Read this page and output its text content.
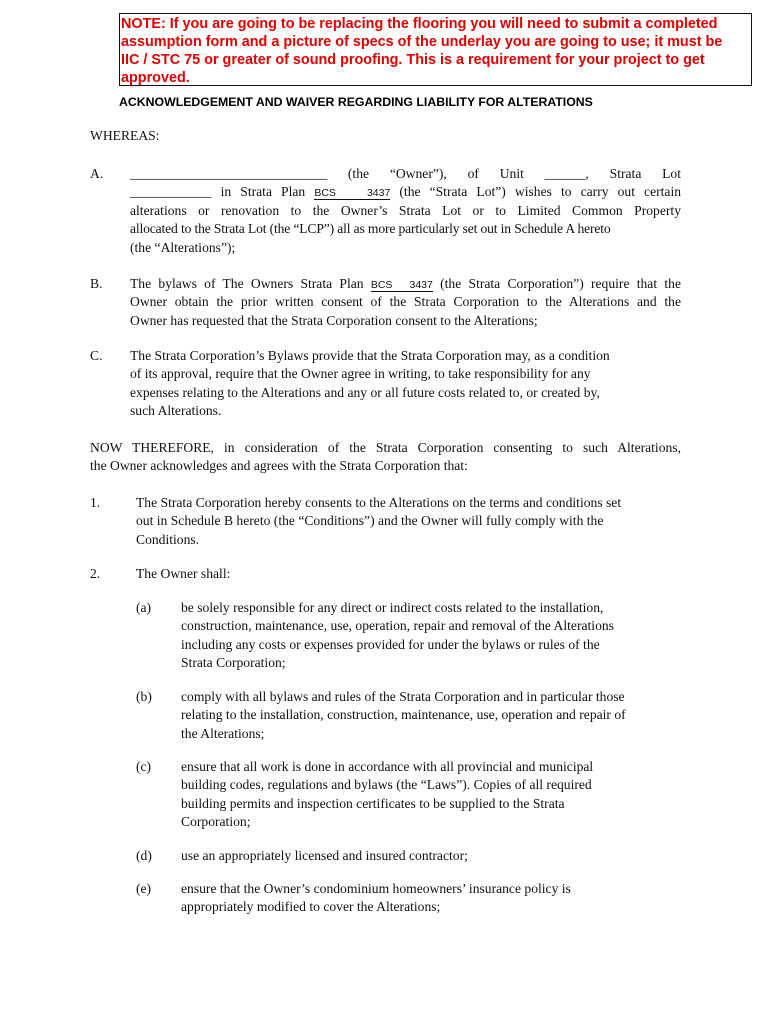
NOTE: If you are going to be replacing the flooring you will need to submit a completed
assumption form and a picture of specs of the underlay you are going to use; it must be
IIC / STC 75 or greater of sound proofing. This is a requirement for your project to get
approved.
ACKNOWLEDGEMENT AND WAIVER REGARDING LIABILITY FOR ALTERATIONS
WHEREAS:
A. _____________________________ (the “Owner”), of Unit ______, Strata Lot
____________ in Strata Plan BCS 3437 (the “Strata Lot”) wishes to carry out certain
alterations or renovation to the Owner’s Strata Lot or to Limited Common Property
allocated to the Strata Lot (the “LCP”) all as more particularly set out in Schedule A hereto
(the “Alterations”);
B. The bylaws of The Owners Strata Plan BCS 3437 (the Strata Corporation”) require that the
Owner obtain the prior written consent of the Strata Corporation to the Alterations and the
Owner has requested that the Strata Corporation consent to the Alterations;
C. The Strata Corporation’s Bylaws provide that the Strata Corporation may, as a condition
of its approval, require that the Owner agree in writing, to take responsibility for any
expenses relating to the Alterations and any or all future costs related to, or created by,
such Alterations.
NOW THEREFORE, in consideration of the Strata Corporation consenting to such Alterations,
the Owner acknowledges and agrees with the Strata Corporation that:
1.	The Strata Corporation hereby consents to the Alterations on the terms and conditions set
out in Schedule B hereto (the “Conditions”) and the Owner will fully comply with the
Conditions.
2.	The Owner shall:
(a) be solely responsible for any direct or indirect costs related to the installation,
construction, maintenance, use, operation, repair and removal of the Alterations
including any costs or expenses provided for under the bylaws or rules of the
Strata Corporation;
(b) comply with all bylaws and rules of the Strata Corporation and in particular those
relating to the installation, construction, maintenance, use, operation and repair of
the Alterations;
(c) ensure that all work is done in accordance with all provincial and municipal
building codes, regulations and bylaws (the “Laws”). Copies of all required
building permits and inspection certificates to be supplied to the Strata
Corporation;
(d) use an appropriately licensed and insured contractor;
(e) ensure that the Owner’s condominium homeowners’ insurance policy is
appropriately modified to cover the Alterations;
